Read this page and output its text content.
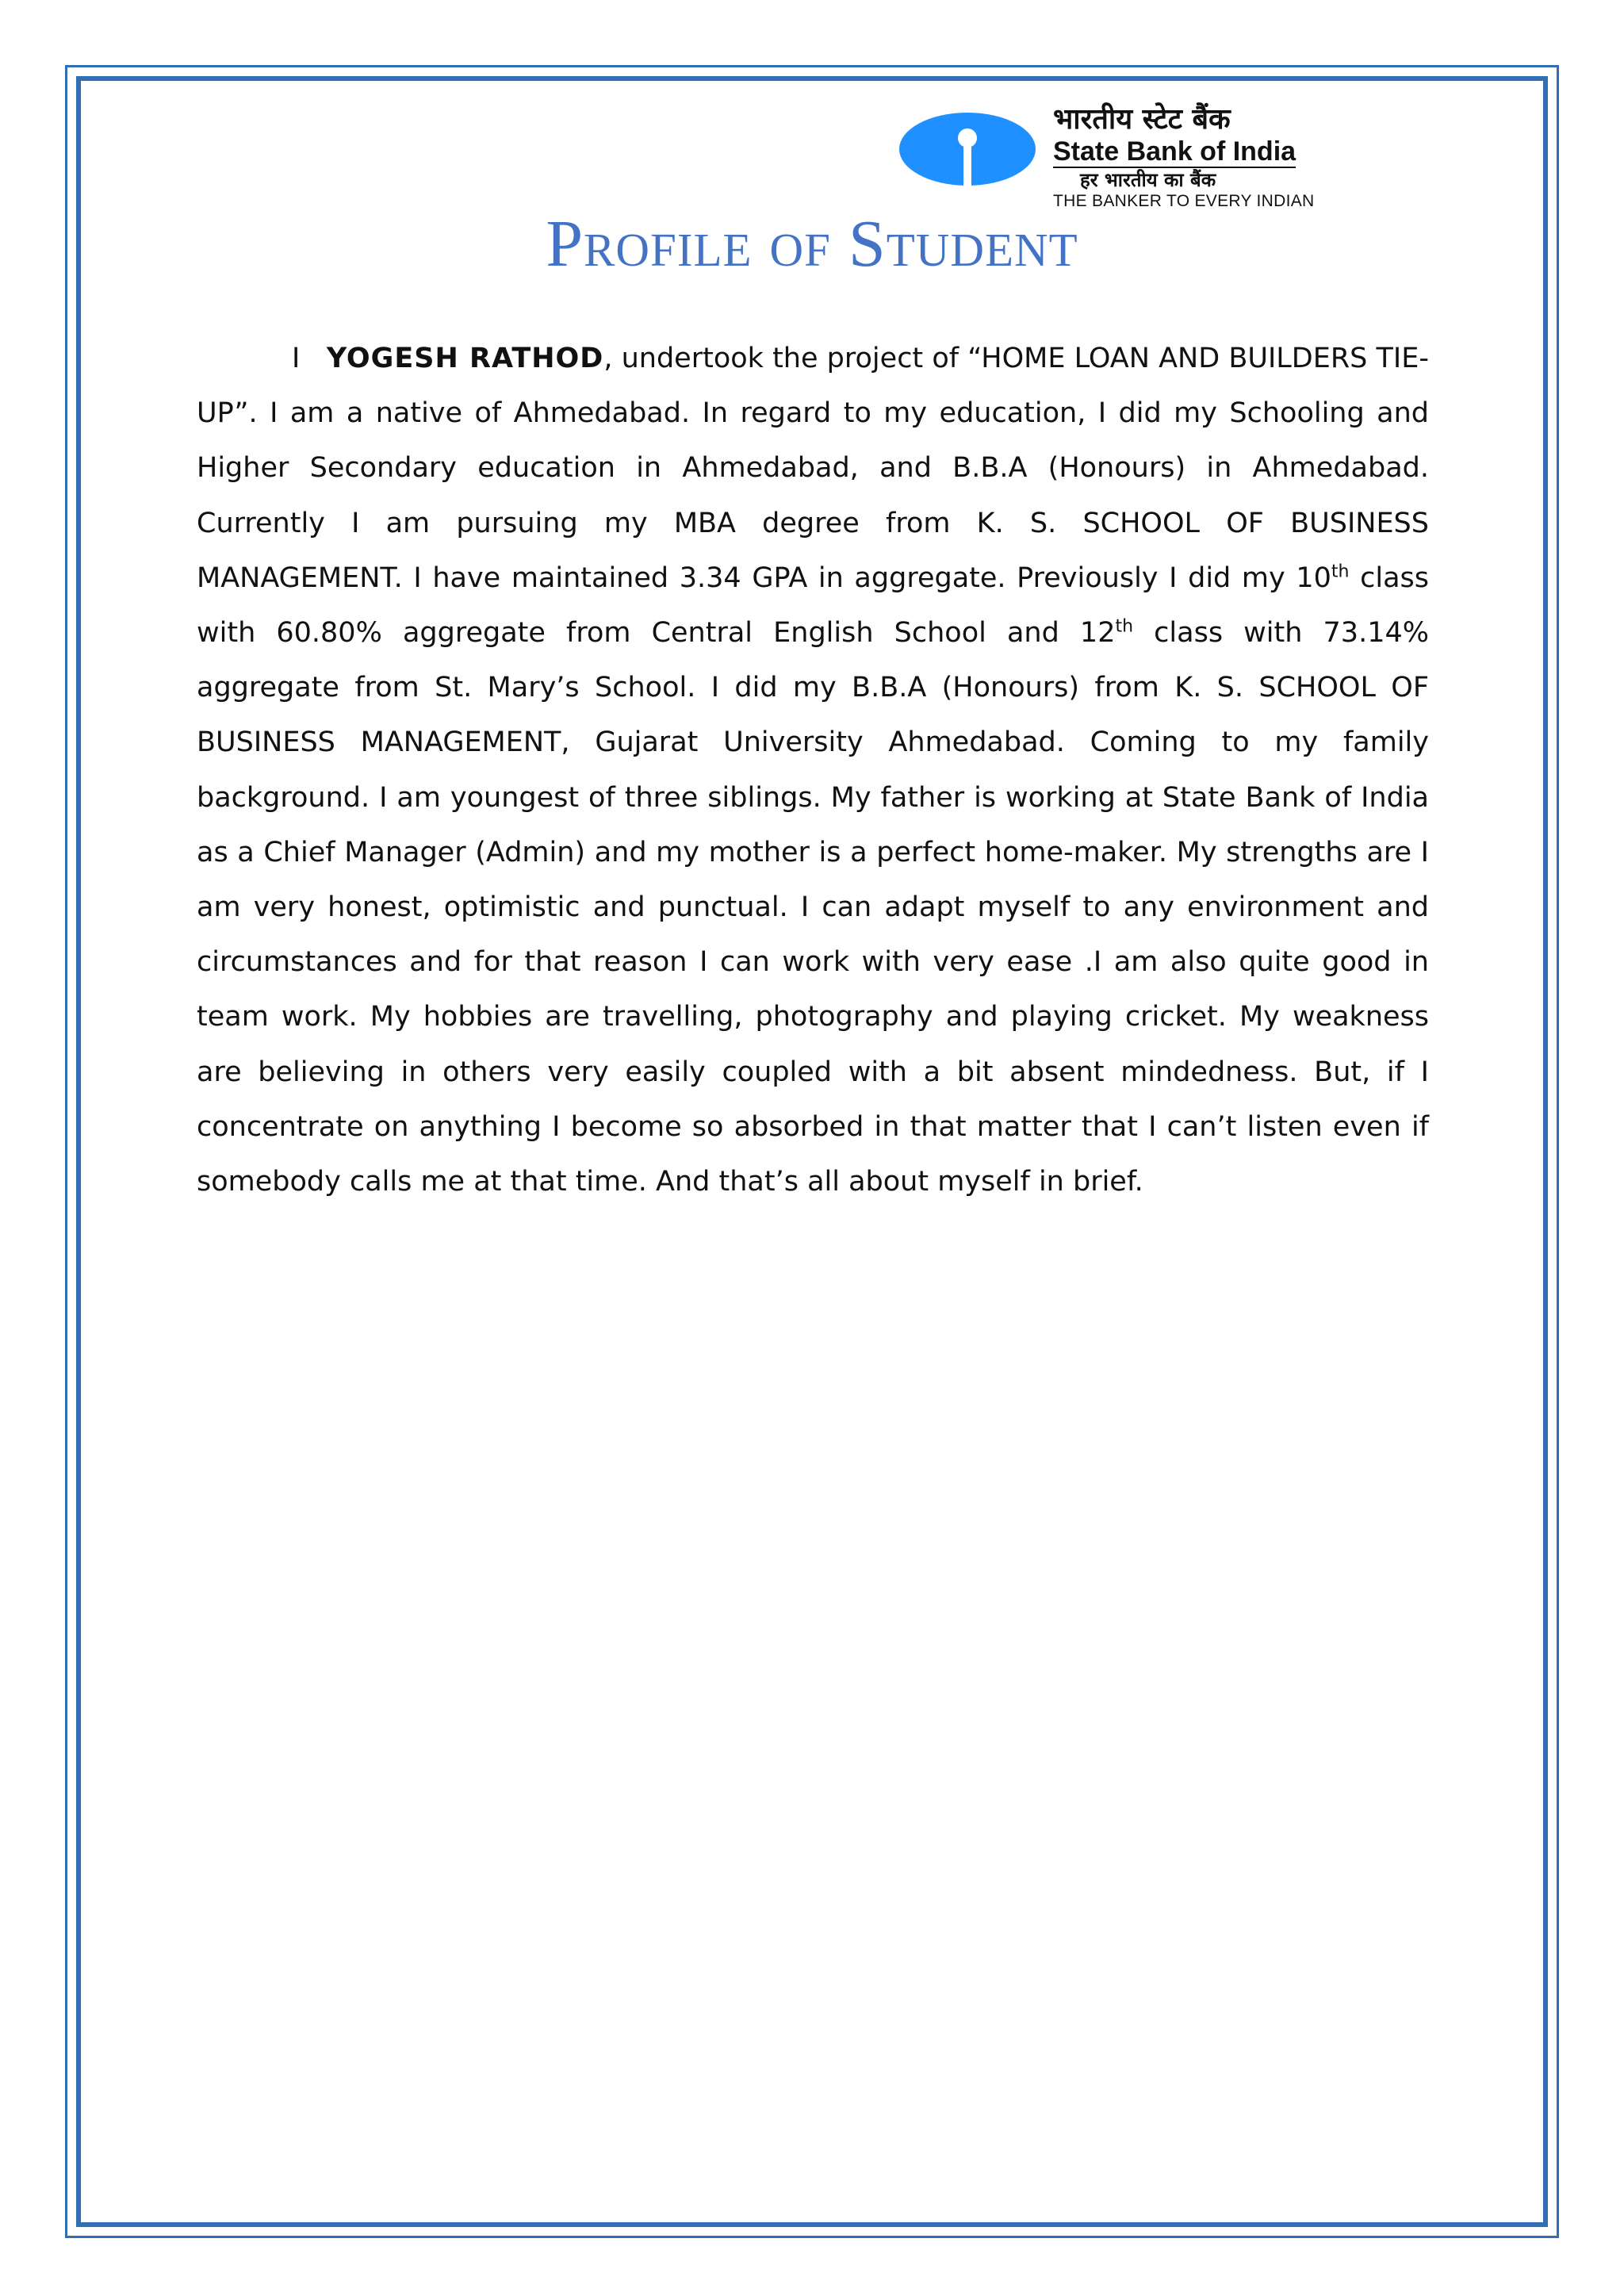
भारतीय स्टेट बैंक
State Bank of India
हर भारतीय का बैंक
THE BANKER TO EVERY INDIAN
Profile of Student

I YOGESH RATHOD, undertook the project of “HOME LOAN AND BUILDERS TIE-UP”. I am a native of Ahmedabad. In regard to my education, I did my Schooling and Higher Secondary education in Ahmedabad, and B.B.A (Honours) in Ahmedabad. Currently I am pursuing my MBA degree from K. S. SCHOOL OF BUSINESS MANAGEMENT. I have maintained 3.34 GPA in aggregate. Previously I did my 10th class with 60.80% aggregate from Central English School and 12th class with 73.14% aggregate from St. Mary’s School. I did my B.B.A (Honours) from K. S. SCHOOL OF BUSINESS MANAGEMENT, Gujarat University Ahmedabad. Coming to my family background. I am youngest of three siblings. My father is working at State Bank of India as a Chief Manager (Admin) and my mother is a perfect home-maker. My strengths are I am very honest, optimistic and punctual. I can adapt myself to any environment and circumstances and for that reason I can work with very ease .I am also quite good in team work. My hobbies are travelling, photography and playing cricket. My weakness are believing in others very easily coupled with a bit absent mindedness. But, if I concentrate on anything I become so absorbed in that matter that I can’t listen even if somebody calls me at that time. And that’s all about myself in brief.
